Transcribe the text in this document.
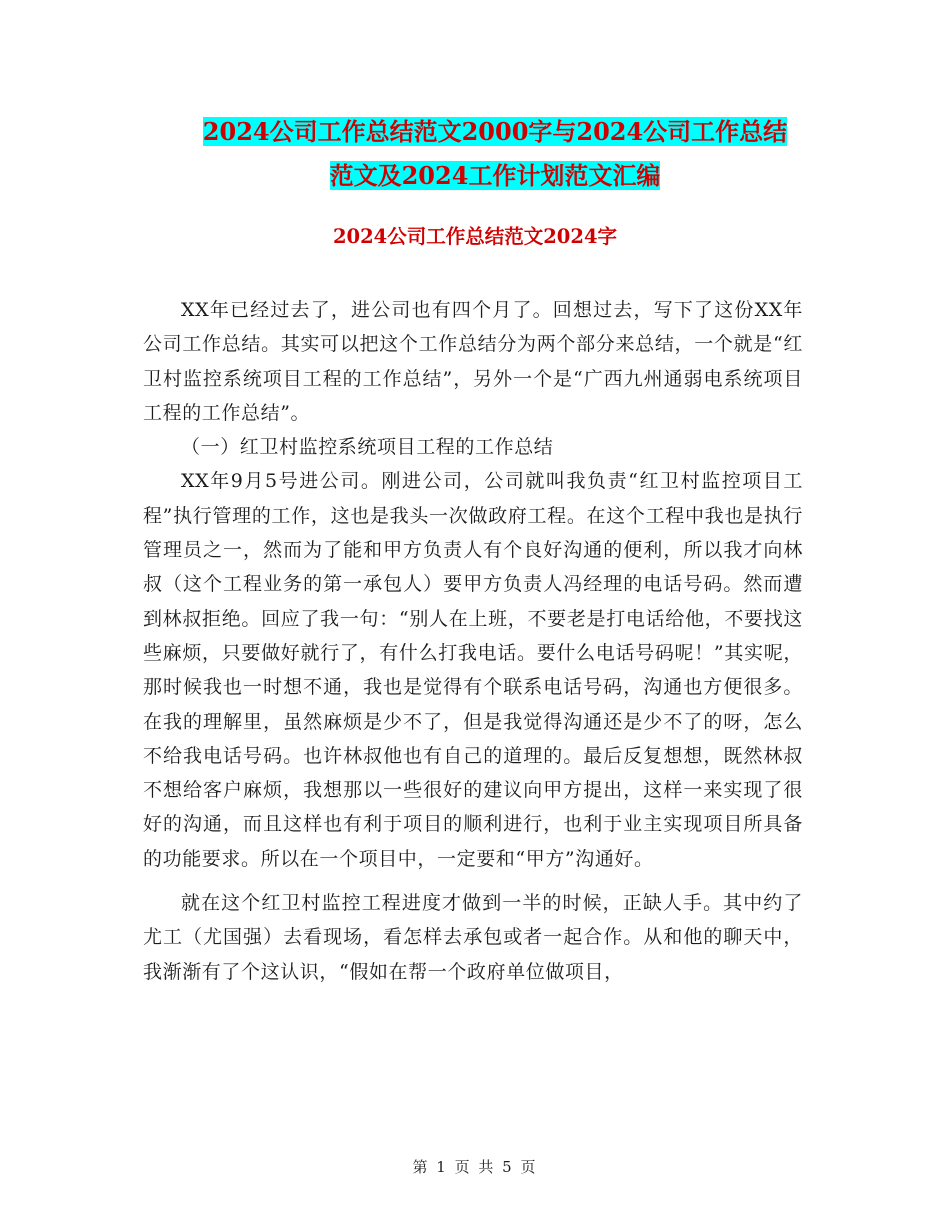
2024公司工作总结范文2000字与2024公司工作总结
范文及2024工作计划范文汇编
2024公司工作总结范文2024字

XX年已经过去了，进公司也有四个月了。回想过去，写下了这份XX年公司工作总结。其实可以把这个工作总结分为两个部分来总结，一个就是“红卫村监控系统项目工程的工作总结”，另外一个是“广西九州通弱电系统项目工程的工作总结”。

（一）红卫村监控系统项目工程的工作总结

XX年9月5号进公司。刚进公司，公司就叫我负责“红卫村监控项目工程”执行管理的工作，这也是我头一次做政府工程。在这个工程中我也是执行管理员之一，然而为了能和甲方负责人有个良好沟通的便利，所以我才向林叔（这个工程业务的第一承包人）要甲方负责人冯经理的电话号码。然而遭到林叔拒绝。回应了我一句：“别人在上班，不要老是打电话给他，不要找这些麻烦，只要做好就行了，有什么打我电话。要什么电话号码呢！”其实呢，那时候我也一时想不通，我也是觉得有个联系电话号码，沟通也方便很多。在我的理解里，虽然麻烦是少不了，但是我觉得沟通还是少不了的呀，怎么不给我电话号码。也许林叔他也有自己的道理的。最后反复想想，既然林叔不想给客户麻烦，我想那以一些很好的建议向甲方提出，这样一来实现了很好的沟通，而且这样也有利于项目的顺利进行，也利于业主实现项目所具备的功能要求。所以在一个项目中，一定要和“甲方”沟通好。

就在这个红卫村监控工程进度才做到一半的时候，正缺人手。其中约了尤工（尤国强）去看现场，看怎样去承包或者一起合作。从和他的聊天中，我渐渐有了个这认识，“假如在帮一个政府单位做项目，

第 1 页 共 5 页
